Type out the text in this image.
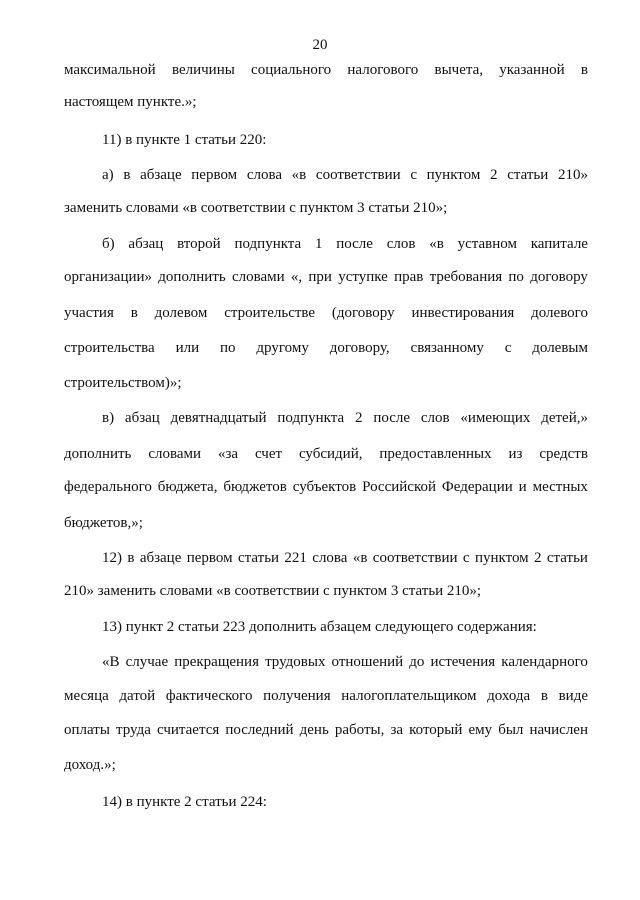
20
максимальной величины социального налогового вычета, указанной в
настоящем пункте.»;
11) в пункте 1 статьи 220:
а) в абзаце первом слова «в соответствии с пунктом 2 статьи 210»
заменить словами «в соответствии с пунктом 3 статьи 210»;
б) абзац второй подпункта 1 после слов «в уставном капитале
организации» дополнить словами «, при уступке прав требования по договору
участия в долевом строительстве (договору инвестирования долевого
строительства или по другому договору, связанному с долевым
строительством)»;
в) абзац девятнадцатый подпункта 2 после слов «имеющих детей,»
дополнить словами «за счет субсидий, предоставленных из средств
федерального бюджета, бюджетов субъектов Российской Федерации и местных
бюджетов,»;
12) в абзаце первом статьи 221 слова «в соответствии с пунктом 2 статьи
210» заменить словами «в соответствии с пунктом 3 статьи 210»;
13) пункт 2 статьи 223 дополнить абзацем следующего содержания:
«В случае прекращения трудовых отношений до истечения календарного
месяца датой фактического получения налогоплательщиком дохода в виде
оплаты труда считается последний день работы, за который ему был начислен
доход.»;
14) в пункте 2 статьи 224:
